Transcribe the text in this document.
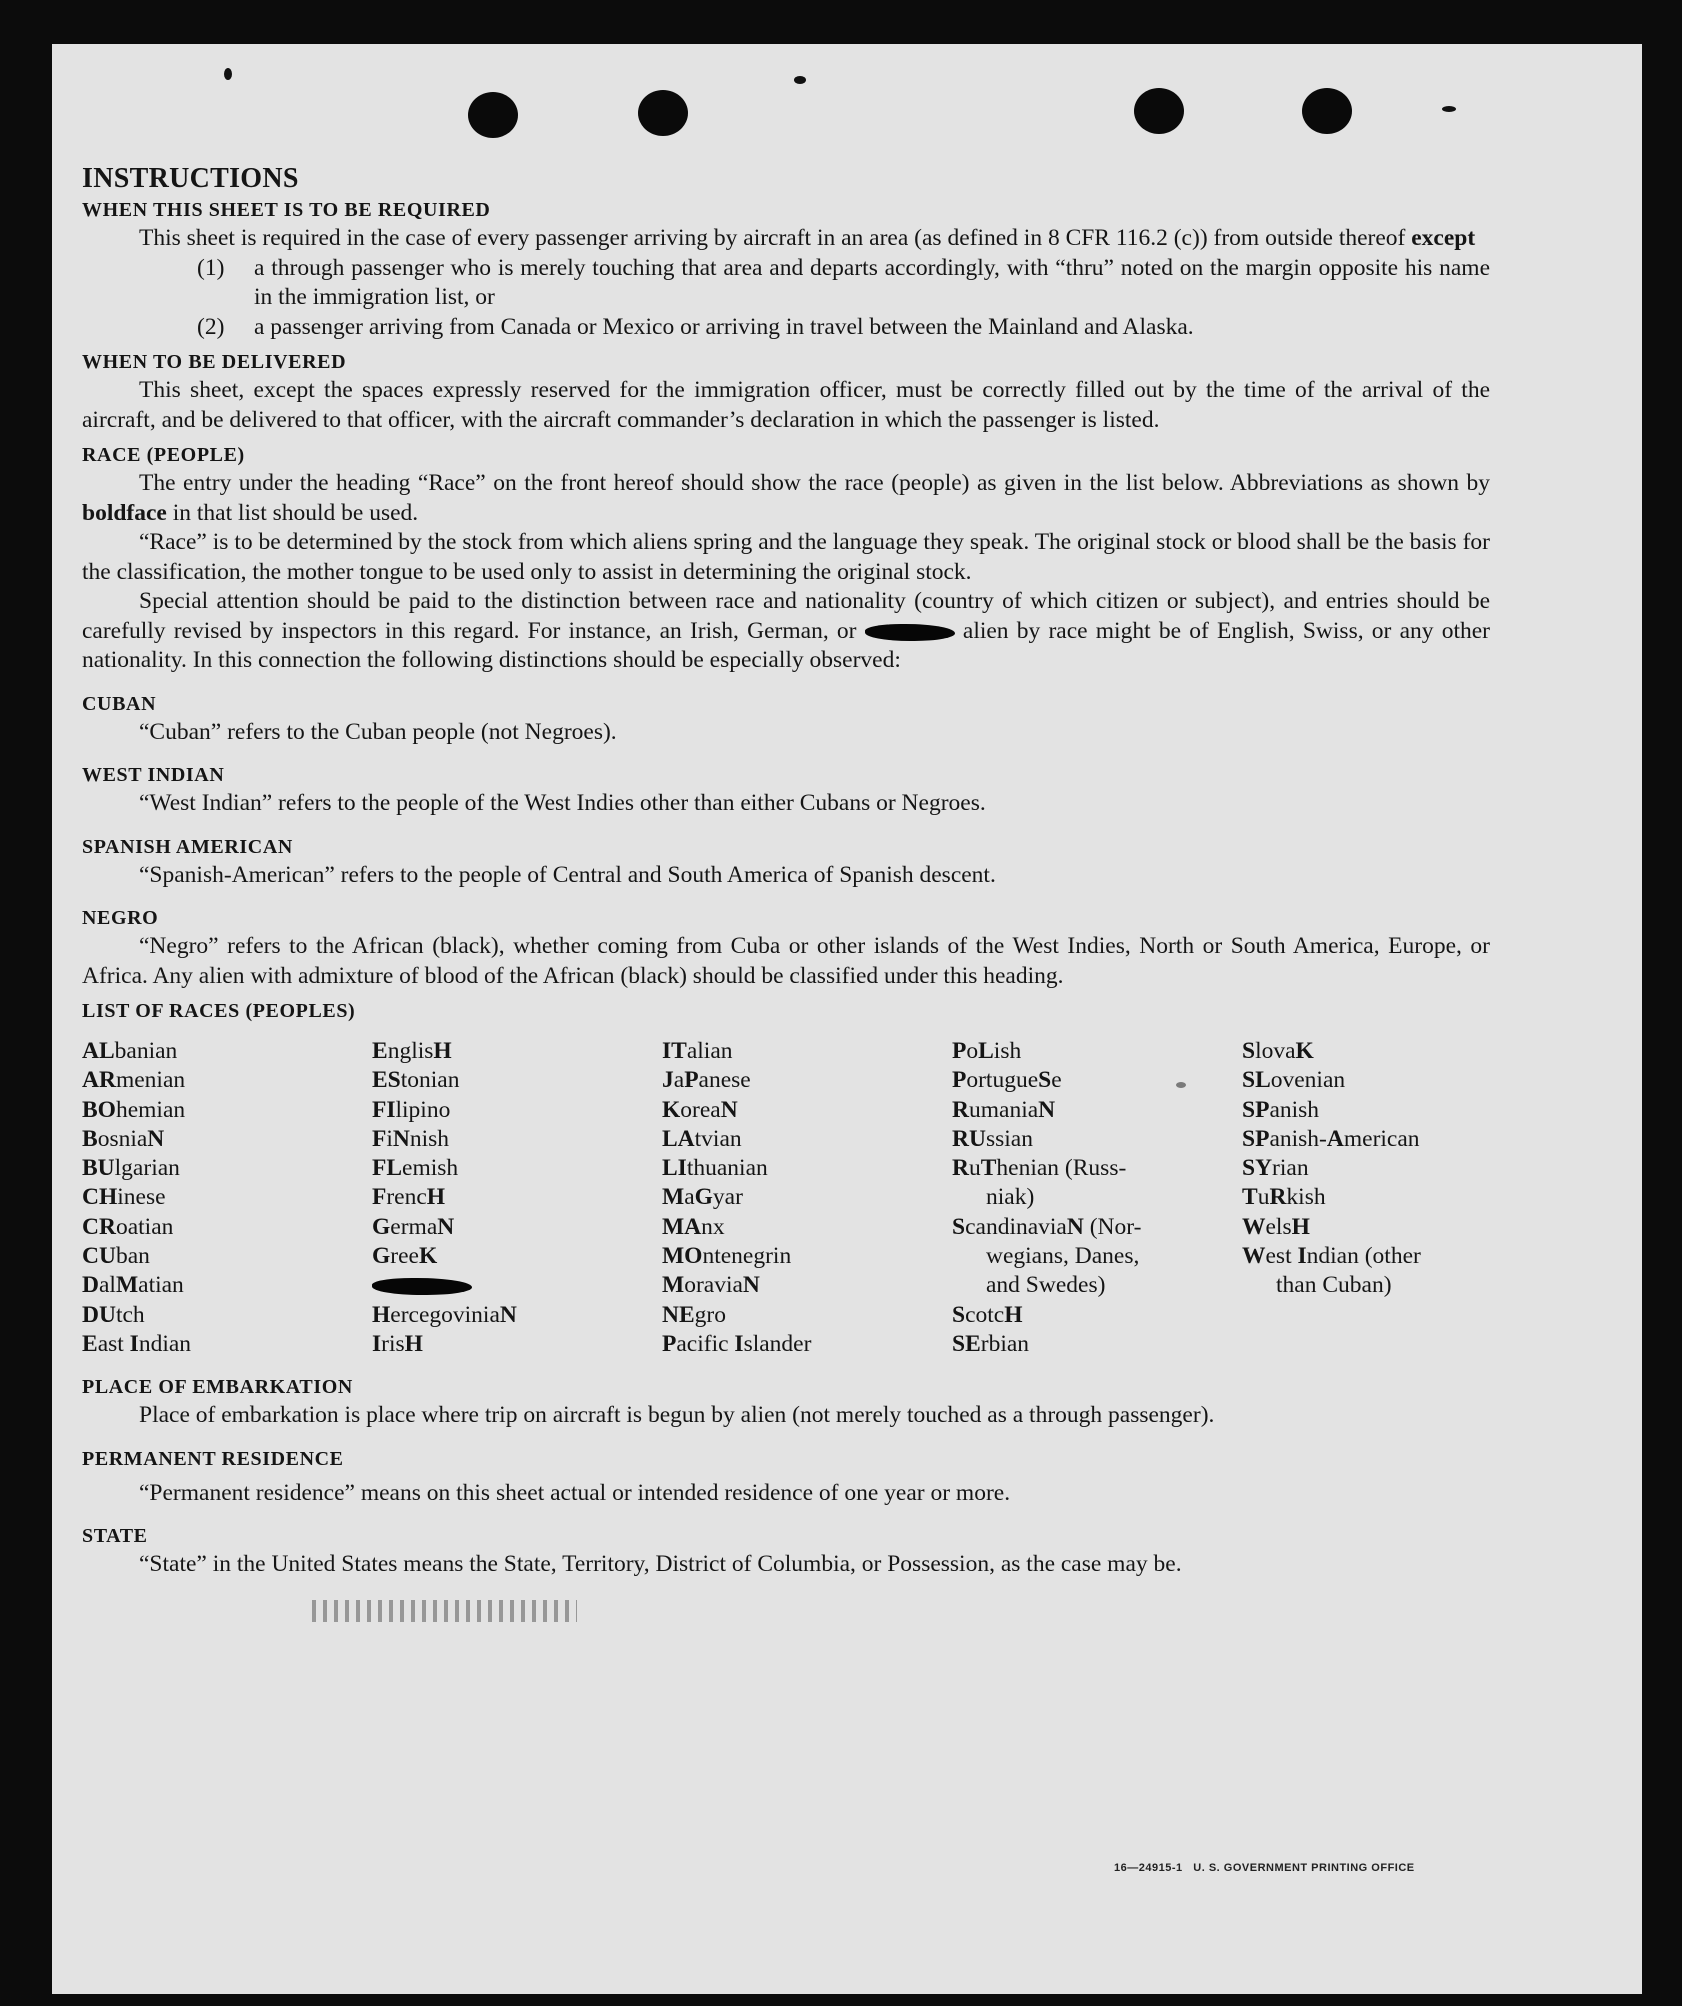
INSTRUCTIONS

WHEN THIS SHEET IS TO BE REQUIRED

This sheet is required in the case of every passenger arriving by aircraft in an area (as defined in 8 CFR 116.2 (c)) from outside thereof except

(1)	a through passenger who is merely touching that area and departs accordingly, with “thru” noted on the margin opposite his name in the immigration list, or
(2)	a passenger arriving from Canada or Mexico or arriving in travel between the Mainland and Alaska.

WHEN TO BE DELIVERED

This sheet, except the spaces expressly reserved for the immigration officer, must be correctly filled out by the time of the arrival of the aircraft, and be delivered to that officer, with the aircraft commander’s declaration in which the passenger is listed.

RACE (PEOPLE)

The entry under the heading “Race” on the front hereof should show the race (people) as given in the list below. Abbreviations as shown by boldface in that list should be used.

“Race” is to be determined by the stock from which aliens spring and the language they speak. The original stock or blood shall be the basis for the classification, the mother tongue to be used only to assist in determining the original stock.

Special attention should be paid to the distinction between race and nationality (country of which citizen or subject), and entries should be carefully revised by inspectors in this regard. For instance, an Irish, German, or	alien by race might be of English, Swiss, or any other nationality. In this connection the following distinctions should be especially observed:

CUBAN

“Cuban” refers to the Cuban people (not Negroes).

WEST INDIAN

“West Indian” refers to the people of the West Indies other than either Cubans or Negroes.

SPANISH AMERICAN

“Spanish-American” refers to the people of Central and South America of Spanish descent.

NEGRO

“Negro” refers to the African (black), whether coming from Cuba or other islands of the West Indies, North or South America, Europe, or Africa. Any alien with admixture of blood of the African (black) should be classified under this heading.

LIST OF RACES (PEOPLES)

ALbanian
ARmenian
BOhemian
BosniaN
BUlgarian
CHinese
CRoatian
CUban
DalMatian
DUtch
East Indian
EnglisH
EStonian
FIlipino
FiNnish
FLemish
FrencH
GermaN
GreeK
HercegoviniaN
IrisH
ITalian
JaPanese
KoreaN
LAtvian
LIthuanian
MaGyar
MAnx
MOntenegrin
MoraviaN
NEgro
Pacific Islander
PoLish
PortugueSe
RumaniaN
RUssian
RuThenian (Russ-
niak)
ScandinaviaN (Nor-
wegians, Danes,
and Swedes)
ScotcH
SErbian
SlovaK
SLovenian
SPanish
SPanish-American
SYrian
TuRkish
WelsH
West Indian (other
than Cuban)

PLACE OF EMBARKATION

Place of embarkation is place where trip on aircraft is begun by alien (not merely touched as a through passenger).

PERMANENT RESIDENCE

“Permanent residence” means on this sheet actual or intended residence of one year or more.

STATE

“State” in the United States means the State, Territory, District of Columbia, or Possession, as the case may be.

16—24915-1 U. S. GOVERNMENT PRINTING OFFICE
